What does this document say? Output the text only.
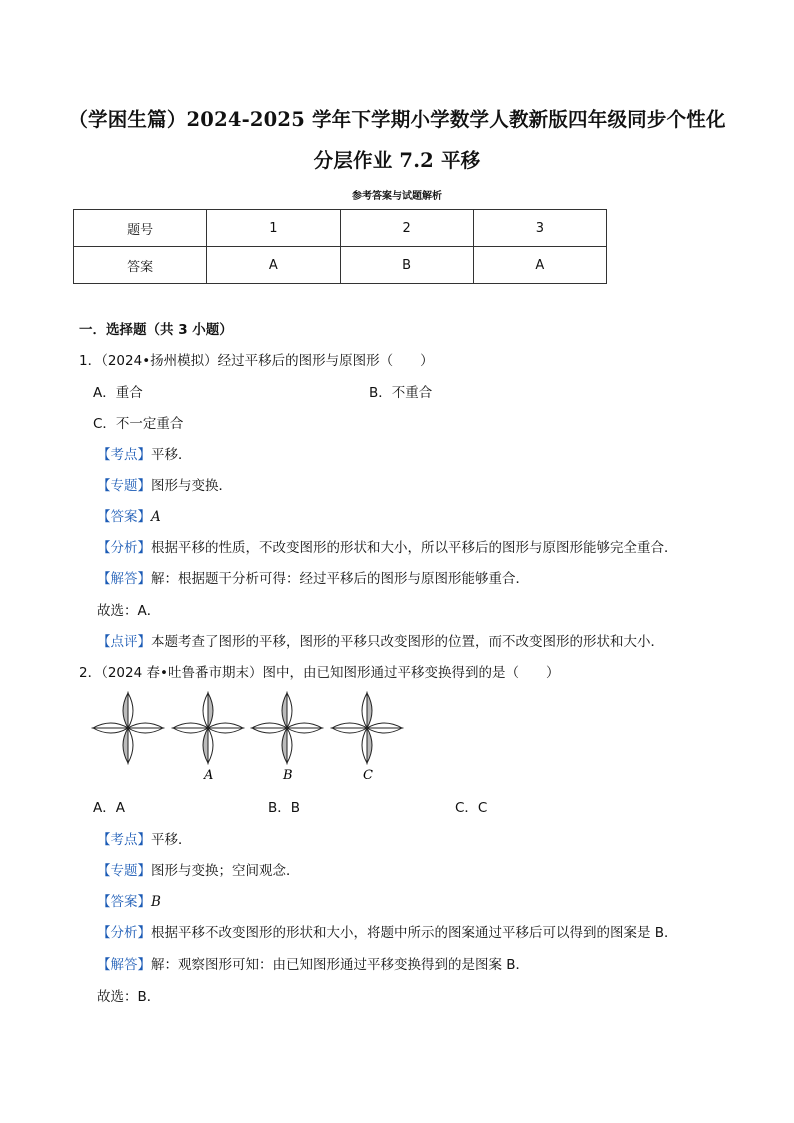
（学困生篇）2024-2025 学年下学期小学数学人教新版四年级同步个性化
分层作业 7.2 平移
参考答案与试题解析
题号	1	2	3
答案	A	B	A
一．选择题（共 3 小题）
1．（2024•扬州模拟）经过平移后的图形与原图形（　　）
A．重合	B．不重合
C．不一定重合
【考点】平移．
【专题】图形与变换．
【答案】A
【分析】根据平移的性质，不改变图形的形状和大小，所以平移后的图形与原图形能够完全重合．
【解答】解：根据题干分析可得：经过平移后的图形与原图形能够重合．
故选：A．
【点评】本题考查了图形的平移，图形的平移只改变图形的位置，而不改变图形的形状和大小．
2．（2024 春•吐鲁番市期末）图中，由已知图形通过平移变换得到的是（　　）
A	B	C
A．A	B．B	C．C
【考点】平移．
【专题】图形与变换；空间观念．
【答案】B
【分析】根据平移不改变图形的形状和大小，将题中所示的图案通过平移后可以得到的图案是 B．
【解答】解：观察图形可知：由已知图形通过平移变换得到的是图案 B．
故选：B．
